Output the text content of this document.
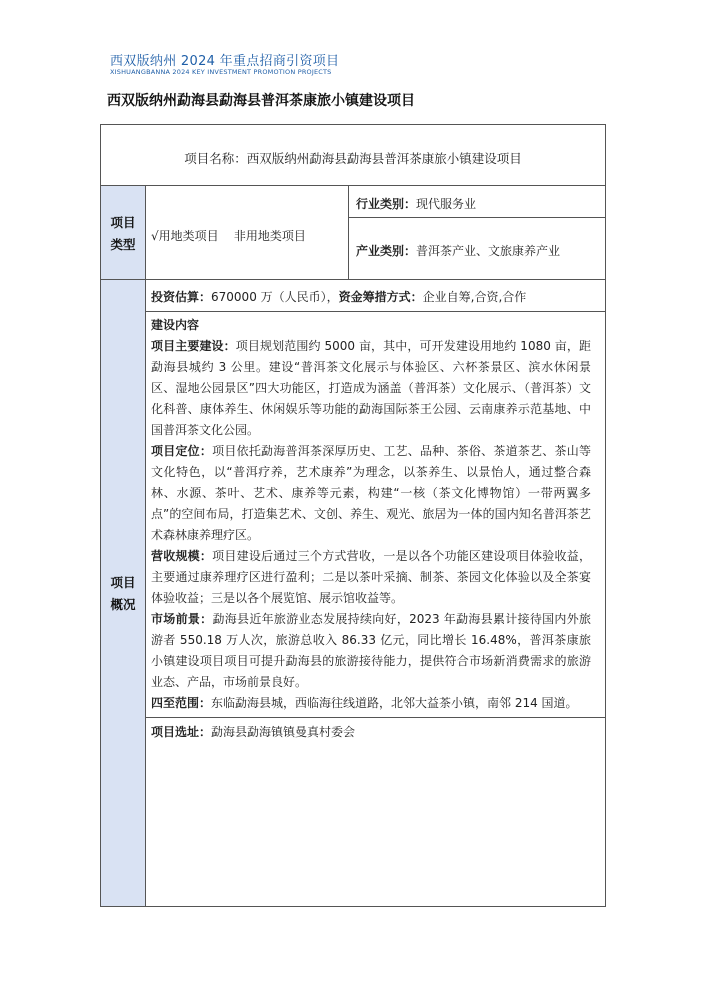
西双版纳州 2024 年重点招商引资项目
XISHUANGBANNA 2024 KEY INVESTMENT PROMOTION PROJECTS
西双版纳州勐海县勐海县普洱茶康旅小镇建设项目
项目名称：西双版纳州勐海县勐海县普洱茶康旅小镇建设项目
项目
类型
√用地类项目    非用地类项目
行业类别：现代服务业
产业类别：普洱茶产业、文旅康养产业
项目
概况
投资估算：670000 万（人民币），资金筹措方式：企业自筹,合资,合作
建设内容
项目主要建设：项目规划范围约 5000 亩，其中，可开发建设用地约 1080 亩，距勐海县城约 3 公里。建设“普洱茶文化展示与体验区、六杯茶景区、滨水休闲景区、湿地公园景区”四大功能区，打造成为涵盖（普洱茶）文化展示、（普洱茶）文化科普、康体养生、休闲娱乐等功能的勐海国际茶王公园、云南康养示范基地、中国普洱茶文化公园。
项目定位：项目依托勐海普洱茶深厚历史、工艺、品种、茶俗、茶道茶艺、茶山等文化特色，以“普洱疗养，艺术康养”为理念，以茶养生、以景怡人，通过整合森林、水源、茶叶、艺术、康养等元素，构建“一核（茶文化博物馆）一带两翼多点”的空间布局，打造集艺术、文创、养生、观光、旅居为一体的国内知名普洱茶艺术森林康养理疗区。
营收规模：项目建设后通过三个方式营收，一是以各个功能区建设项目体验收益，主要通过康养理疗区进行盈利；二是以茶叶采摘、制茶、茶园文化体验以及全茶宴体验收益；三是以各个展览馆、展示馆收益等。
市场前景：勐海县近年旅游业态发展持续向好，2023 年勐海县累计接待国内外旅游者 550.18 万人次，旅游总收入 86.33 亿元，同比增长 16.48%，普洱茶康旅小镇建设项目项目可提升勐海县的旅游接待能力，提供符合市场新消费需求的旅游业态、产品，市场前景良好。
四至范围：东临勐海县城，西临海往线道路，北邻大益茶小镇，南邻 214 国道。
项目选址：勐海县勐海镇镇曼真村委会
